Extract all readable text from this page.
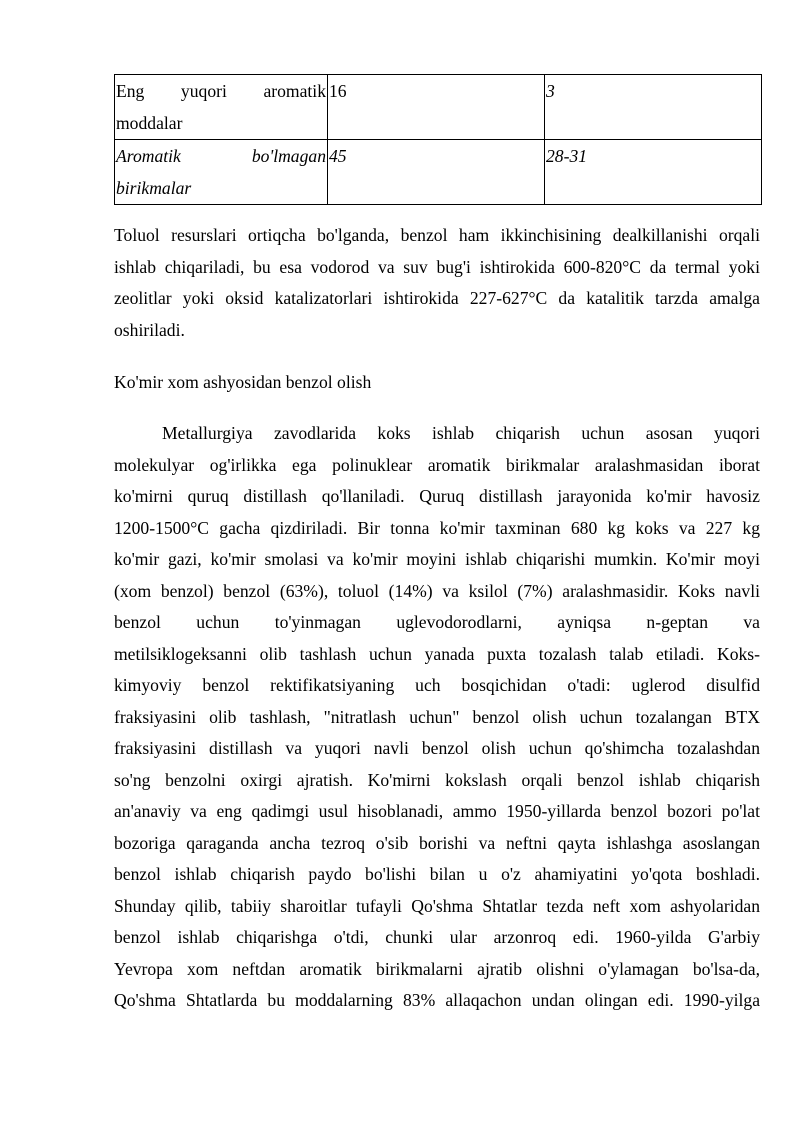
Eng yuqori aromatik
moddalar	16	3

Aromatik bo'lmagan
birikmalar	45	28-31
Toluol resurslari ortiqcha bo'lganda, benzol ham ikkinchisining dealkillanishi orqali
ishlab chiqariladi, bu esa vodorod va suv bug'i ishtirokida 600-820°C da termal yoki
zeolitlar yoki oksid katalizatorlari ishtirokida 227-627°C da katalitik tarzda amalga
oshiriladi.

Ko'mir xom ashyosidan benzol olish

Metallurgiya zavodlarida koks ishlab chiqarish uchun asosan yuqori
molekulyar og'irlikka ega polinuklear aromatik birikmalar aralashmasidan iborat
ko'mirni quruq distillash qo'llaniladi. Quruq distillash jarayonida ko'mir havosiz
1200-1500°C gacha qizdiriladi. Bir tonna ko'mir taxminan 680 kg koks va 227 kg
ko'mir gazi, ko'mir smolasi va ko'mir moyini ishlab chiqarishi mumkin. Ko'mir moyi
(xom benzol) benzol (63%), toluol (14%) va ksilol (7%) aralashmasidir. Koks navli
benzol uchun to'yinmagan uglevodorodlarni, ayniqsa n-geptan va
metilsiklogeksanni olib tashlash uchun yanada puxta tozalash talab etiladi. Koks-
kimyoviy benzol rektifikatsiyaning uch bosqichidan o'tadi: uglerod disulfid
fraksiyasini olib tashlash, "nitratlash uchun" benzol olish uchun tozalangan BTX
fraksiyasini distillash va yuqori navli benzol olish uchun qo'shimcha tozalashdan
so'ng benzolni oxirgi ajratish. Ko'mirni kokslash orqali benzol ishlab chiqarish
an'anaviy va eng qadimgi usul hisoblanadi, ammo 1950-yillarda benzol bozori po'lat
bozoriga qaraganda ancha tezroq o'sib borishi va neftni qayta ishlashga asoslangan
benzol ishlab chiqarish paydo bo'lishi bilan u o'z ahamiyatini yo'qota boshladi.
Shunday qilib, tabiiy sharoitlar tufayli Qo'shma Shtatlar tezda neft xom ashyolaridan
benzol ishlab chiqarishga o'tdi, chunki ular arzonroq edi. 1960-yilda G'arbiy
Yevropa xom neftdan aromatik birikmalarni ajratib olishni o'ylamagan bo'lsa-da,
Qo'shma Shtatlarda bu moddalarning 83% allaqachon undan olingan edi. 1990-yilga
